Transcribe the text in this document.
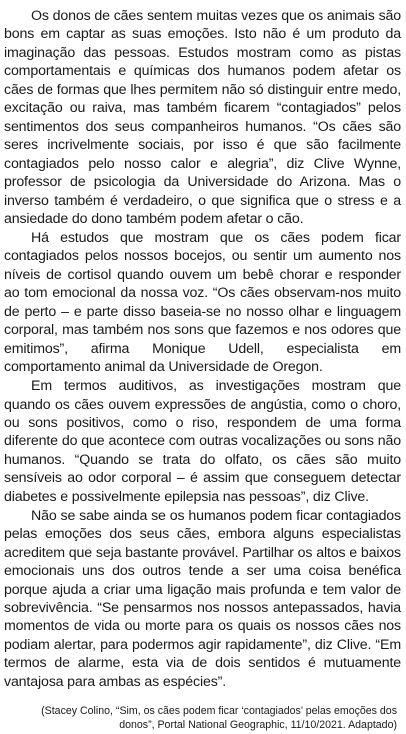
Os donos de cães sentem muitas vezes que os animais são bons em captar as suas emoções. Isto não é um produto da imaginação das pessoas. Estudos mostram como as pistas comportamentais e químicas dos humanos podem afetar os cães de formas que lhes permitem não só distinguir entre medo, excitação ou raiva, mas também ficarem “contagiados” pelos sentimentos dos seus companheiros humanos. “Os cães são seres incrivelmente sociais, por isso é que são facilmente contagiados pelo nosso calor e alegria”, diz Clive Wynne, professor de psicologia da Universidade do Arizona. Mas o inverso também é verdadeiro, o que significa que o stress e a ansiedade do dono também podem afetar o cão.

Há estudos que mostram que os cães podem ficar contagiados pelos nossos bocejos, ou sentir um aumento nos níveis de cortisol quando ouvem um bebê chorar e responder ao tom emocional da nossa voz. “Os cães observam-nos muito de perto – e parte disso baseia-se no nosso olhar e linguagem corporal, mas também nos sons que fazemos e nos odores que emitimos”, afirma Monique Udell, especialista em comportamento animal da Universidade de Oregon.

Em termos auditivos, as investigações mostram que quando os cães ouvem expressões de angústia, como o choro, ou sons positivos, como o riso, respondem de uma forma diferente do que acontece com outras vocalizações ou sons não humanos. “Quando se trata do olfato, os cães são muito sensíveis ao odor corporal – é assim que conseguem detectar diabetes e possivelmente epilepsia nas pessoas”, diz Clive.

Não se sabe ainda se os humanos podem ficar contagiados pelas emoções dos seus cães, embora alguns especialistas acreditem que seja bastante provável. Partilhar os altos e baixos emocionais uns dos outros tende a ser uma coisa benéfica porque ajuda a criar uma ligação mais profunda e tem valor de sobrevivência. “Se pensarmos nos nossos antepassados, havia momentos de vida ou morte para os quais os nossos cães nos podiam alertar, para podermos agir rapidamente”, diz Clive. “Em termos de alarme, esta via de dois sentidos é mutuamente vantajosa para ambas as espécies”.

(Stacey Colino, “Sim, os cães podem ficar ‘contagiados’ pelas emoções dos donos”, Portal National Geographic, 11/10/2021. Adaptado)
